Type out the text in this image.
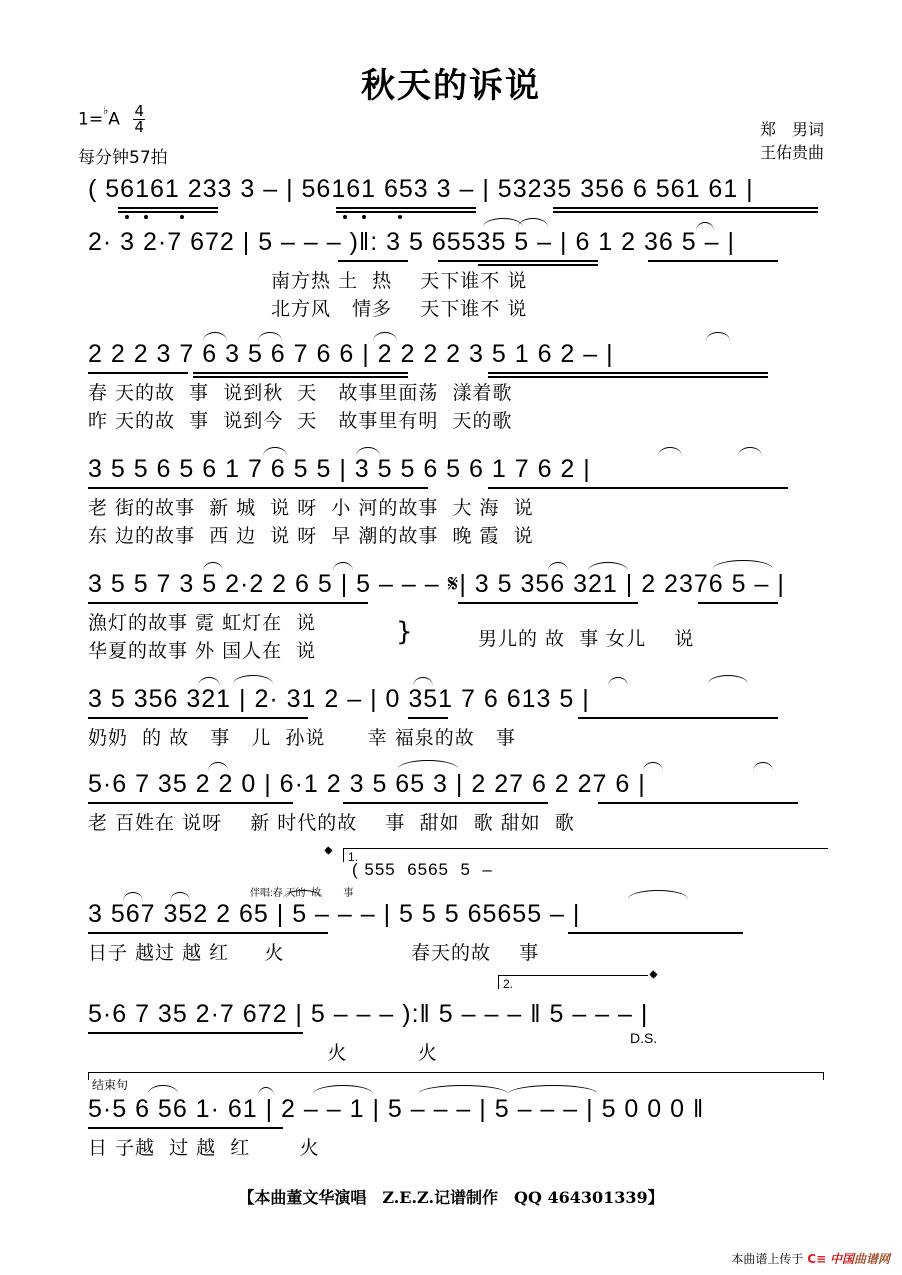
秋天的诉说
$1=^♭A \frac{4}{4}$
每分钟57拍
郑　男词
王佑贵曲
( 56161 233 3 – | 56161 653 3 – | 53235 356 6 561 61 |
2· 3 2·7 672 | 5 – – – )‖: 3 5 65535 5 – | 6 1 2 36 5 – |
南方热 土  热    天下谁不 说
北方风   情多    天下谁不 说
2 2 2 3 7 6 3 5 6 7 6 6 | 2 2 2 2 3 5 1 6 2 – |
春 天的故  事  说到秋  天   故事里面荡  漾着歌
昨 天的故  事  说到今  天   故事里有明  天的歌
3 5 5 6 5 6 1 7 6 5 5 | 3 5 5 6 5 6 1 7 6 2 |
老 街的故事  新 城  说 呀  小 河的故事  大 海  说
东 边的故事  西 边  说 呀  早 潮的故事  晚 霞  说
3 5 5 7 3 5 2·2 2 6 5 | 5 – – – 𝄋| 3 5 356 321 | 2 2376 5 – |
漁灯的故事 霓 虹灯在  说
华夏的故事 外 国人在  说
}	男儿的 故  事 女儿    说
3 5 356 321 | 2· 31 2 – | 0 351 7 6 613 5 |
奶奶  的 故   事   儿  孙说      幸 福泉的故   事
5·6 7 35 2 2 0 | 6·1 2 3 5 65 3 | 2 27 6 2 27 6 |
老 百姓在 说呀    新 时代的故    事  甜如  歌 甜如  歌
𝄌 1.
( 555  6565  5  –
伴唱:春 天的  故        事
3 567 352 2 65 | 5 – – – | 5 5 5 65655 – |
日子 越过 越 红     火                  春天的故    事
2.	𝄌
D.S.
5·6 7 35 2·7 672 | 5 – – – ):‖ 5 – – – ‖ 5 – – – |
火          火
结束句
5·5 6 56 1· 61 | 2 – – 1 | 5 – – – | 5 – – – | 5 0 0 0 ‖
日 子越  过 越  红       火
【本曲董文华演唱　Z.E.Z.记谱制作　QQ 464301339】
本曲谱上传于 C≡ 中国曲谱网
